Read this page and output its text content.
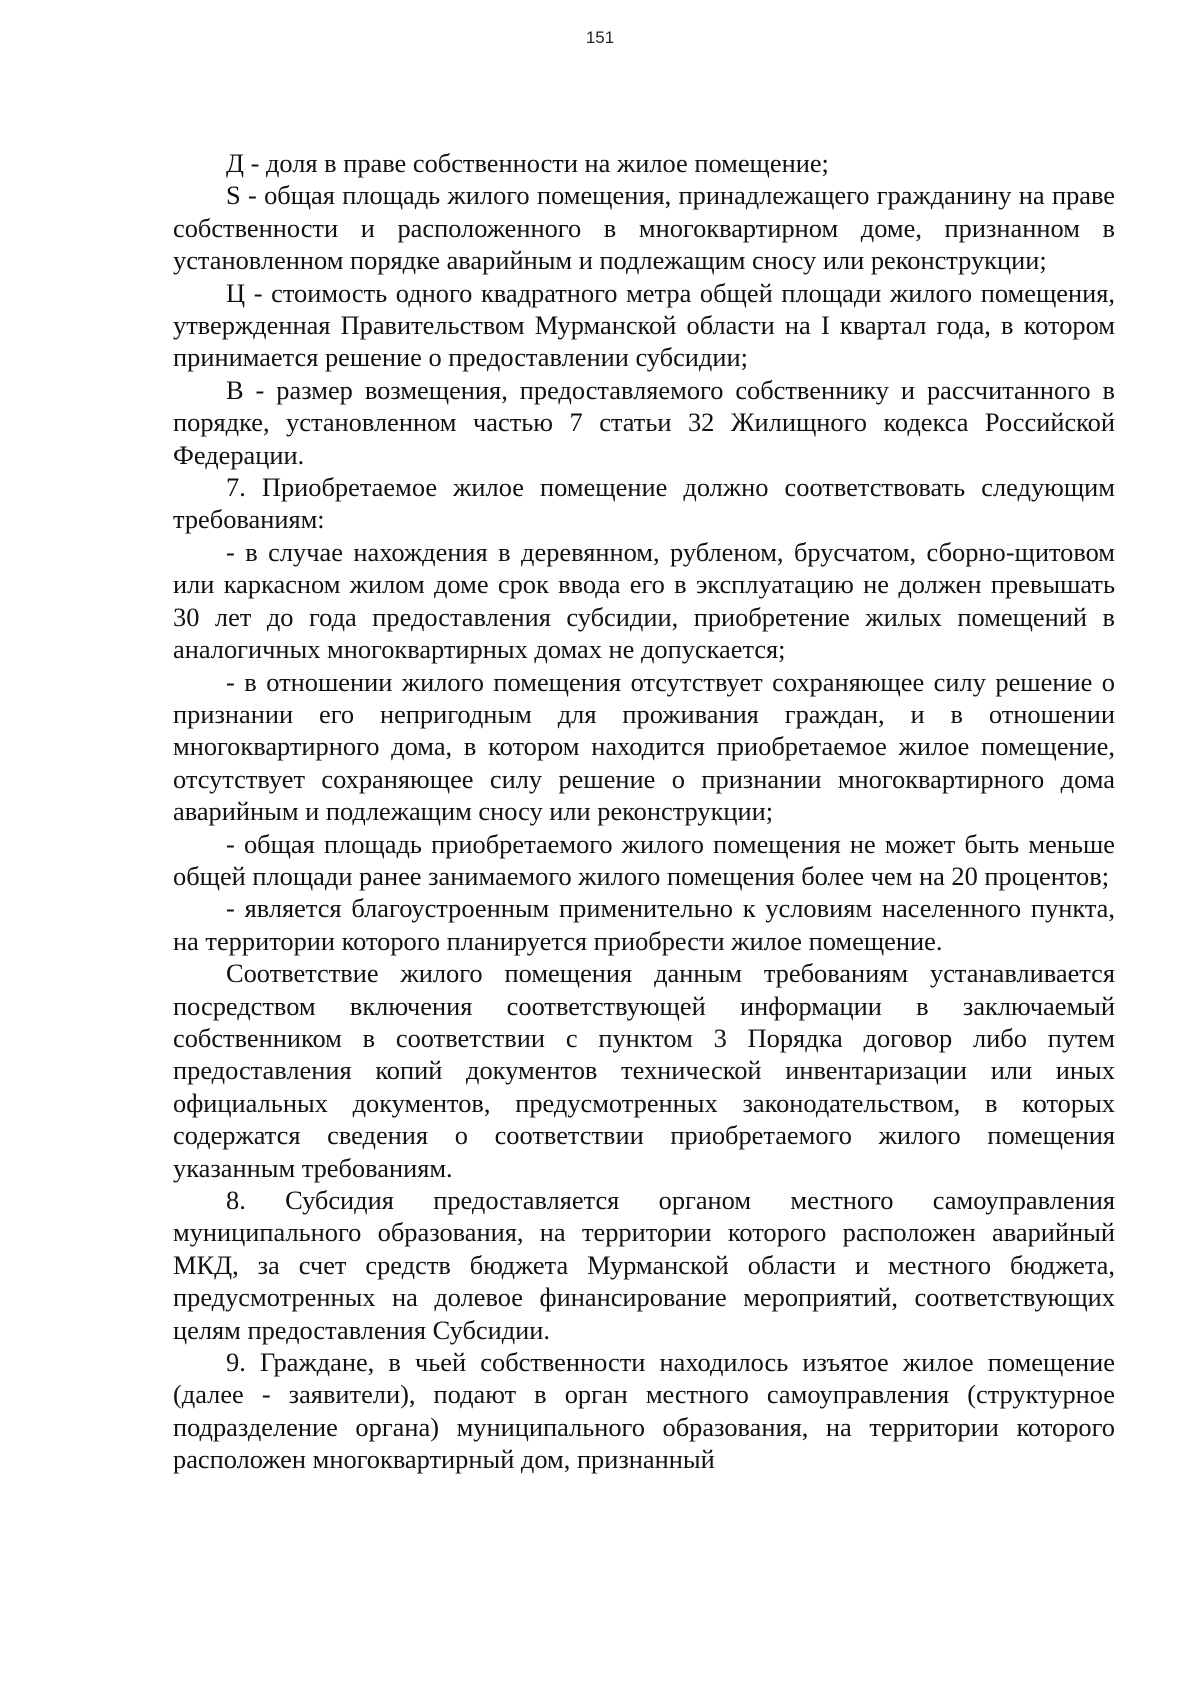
151

Д - доля в праве собственности на жилое помещение;

S - общая площадь жилого помещения, принадлежащего гражданину на праве собственности и расположенного в многоквартирном доме, признанном в установленном порядке аварийным и подлежащим сносу или реконструкции;

Ц - стоимость одного квадратного метра общей площади жилого помещения, утвержденная Правительством Мурманской области на I квартал года, в котором принимается решение о предоставлении субсидии;

В - размер возмещения, предоставляемого собственнику и рассчитанного в порядке, установленном частью 7 статьи 32 Жилищного кодекса Российской Федерации.

7. Приобретаемое жилое помещение должно соответствовать следующим требованиям:

- в случае нахождения в деревянном, рубленом, брусчатом, сборно-щитовом или каркасном жилом доме срок ввода его в эксплуатацию не должен превышать 30 лет до года предоставления субсидии, приобретение жилых помещений в аналогичных многоквартирных домах не допускается;

- в отношении жилого помещения отсутствует сохраняющее силу решение о признании его непригодным для проживания граждан, и в отношении многоквартирного дома, в котором находится приобретаемое жилое помещение, отсутствует сохраняющее силу решение о признании многоквартирного дома аварийным и подлежащим сносу или реконструкции;

- общая площадь приобретаемого жилого помещения не может быть меньше общей площади ранее занимаемого жилого помещения более чем на 20 процентов;

- является благоустроенным применительно к условиям населенного пункта, на территории которого планируется приобрести жилое помещение.

Соответствие жилого помещения данным требованиям устанавливается посредством включения соответствующей информации в заключаемый собственником в соответствии с пунктом 3 Порядка договор либо путем предоставления копий документов технической инвентаризации или иных официальных документов, предусмотренных законодательством, в которых содержатся сведения о соответствии приобретаемого жилого помещения указанным требованиям.

8. Субсидия предоставляется органом местного самоуправления муниципального образования, на территории которого расположен аварийный МКД, за счет средств бюджета Мурманской области и местного бюджета, предусмотренных на долевое финансирование мероприятий, соответствующих целям предоставления Субсидии.

9. Граждане, в чьей собственности находилось изъятое жилое помещение (далее - заявители), подают в орган местного самоуправления (структурное подразделение органа) муниципального образования, на территории которого расположен многоквартирный дом, признанный
